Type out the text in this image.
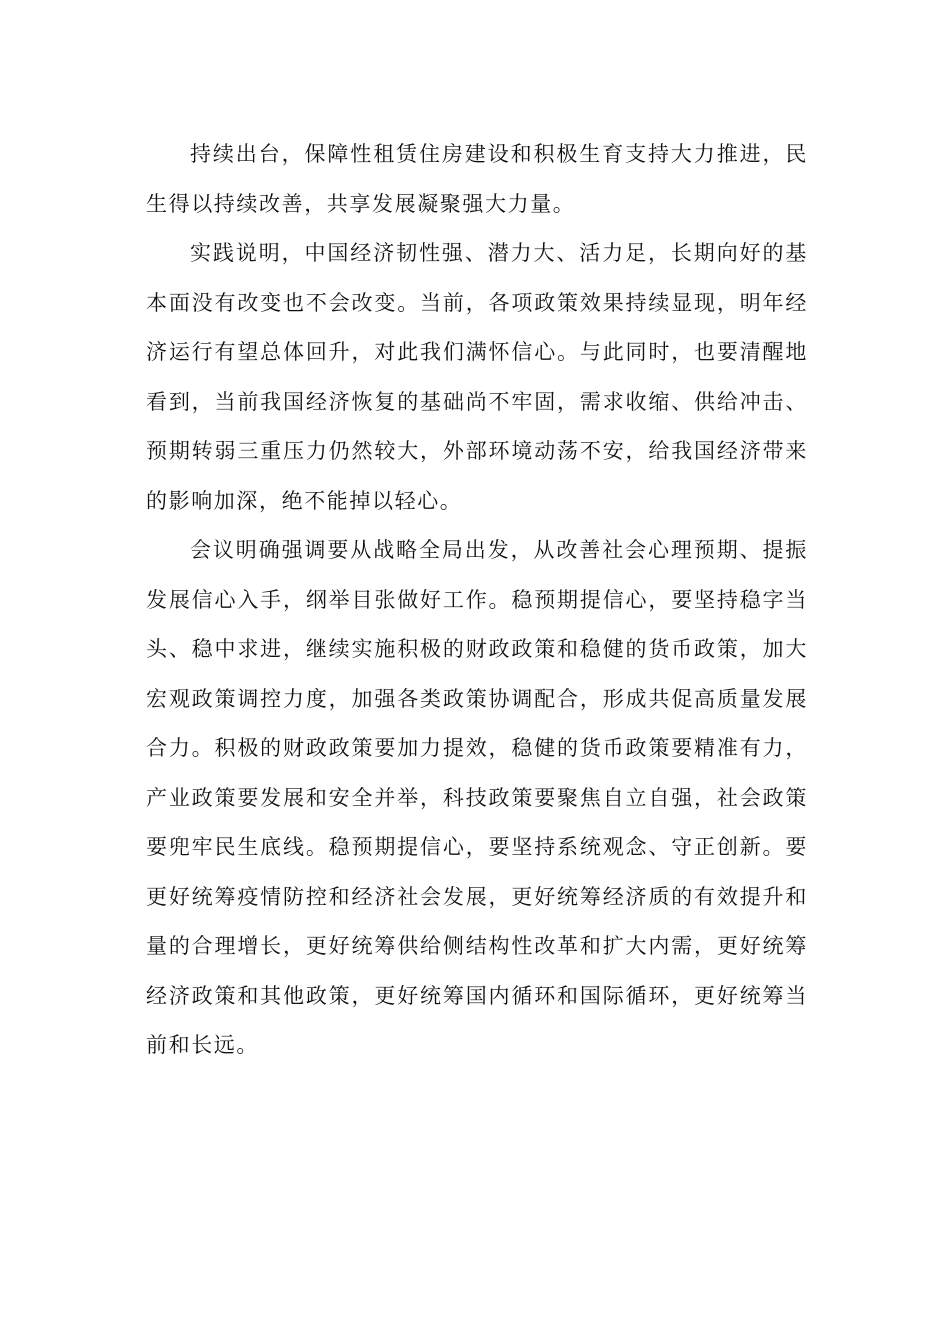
持续出台，保障性租赁住房建设和积极生育支持大力推进，民
生得以持续改善，共享发展凝聚强大力量。

实践说明，中国经济韧性强、潜力大、活力足，长期向好的基
本面没有改变也不会改变。当前，各项政策效果持续显现，明年经
济运行有望总体回升，对此我们满怀信心。与此同时，也要清醒地
看到，当前我国经济恢复的基础尚不牢固，需求收缩、供给冲击、
预期转弱三重压力仍然较大，外部环境动荡不安，给我国经济带来
的影响加深，绝不能掉以轻心。

会议明确强调要从战略全局出发，从改善社会心理预期、提振
发展信心入手，纲举目张做好工作。稳预期提信心，要坚持稳字当
头、稳中求进，继续实施积极的财政政策和稳健的货币政策，加大
宏观政策调控力度，加强各类政策协调配合，形成共促高质量发展
合力。积极的财政政策要加力提效，稳健的货币政策要精准有力，
产业政策要发展和安全并举，科技政策要聚焦自立自强，社会政策
要兜牢民生底线。稳预期提信心，要坚持系统观念、守正创新。要
更好统筹疫情防控和经济社会发展，更好统筹经济质的有效提升和
量的合理增长，更好统筹供给侧结构性改革和扩大内需，更好统筹
经济政策和其他政策，更好统筹国内循环和国际循环，更好统筹当
前和长远。
